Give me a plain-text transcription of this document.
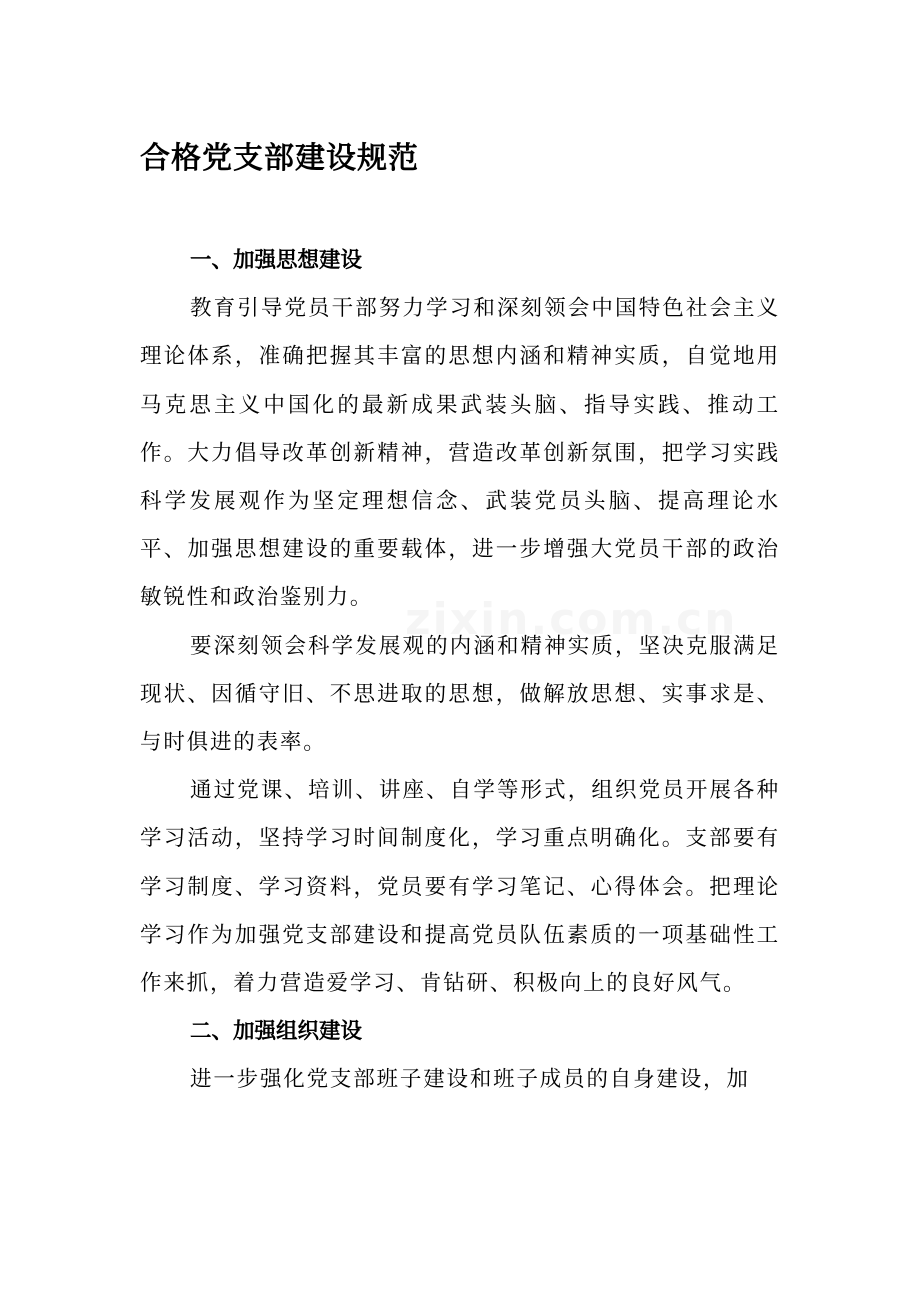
合格党支部建设规范
一、加强思想建设

教育引导党员干部努力学习和深刻领会中国特色社会主义理论体系，准确把握其丰富的思想内涵和精神实质，自觉地用马克思主义中国化的最新成果武装头脑、指导实践、推动工作。大力倡导改革创新精神，营造改革创新氛围，把学习实践科学发展观作为坚定理想信念、武装党员头脑、提高理论水平、加强思想建设的重要载体，进一步增强大党员干部的政治敏锐性和政治鉴别力。

要深刻领会科学发展观的内涵和精神实质，坚决克服满足现状、因循守旧、不思进取的思想，做解放思想、实事求是、与时俱进的表率。

通过党课、培训、讲座、自学等形式，组织党员开展各种学习活动，坚持学习时间制度化，学习重点明确化。支部要有学习制度、学习资料，党员要有学习笔记、心得体会。把理论学习作为加强党支部建设和提高党员队伍素质的一项基础性工作来抓，着力营造爱学习、肯钻研、积极向上的良好风气。

二、加强组织建设

进一步强化党支部班子建设和班子成员的自身建设，加

zixin.com.cn
